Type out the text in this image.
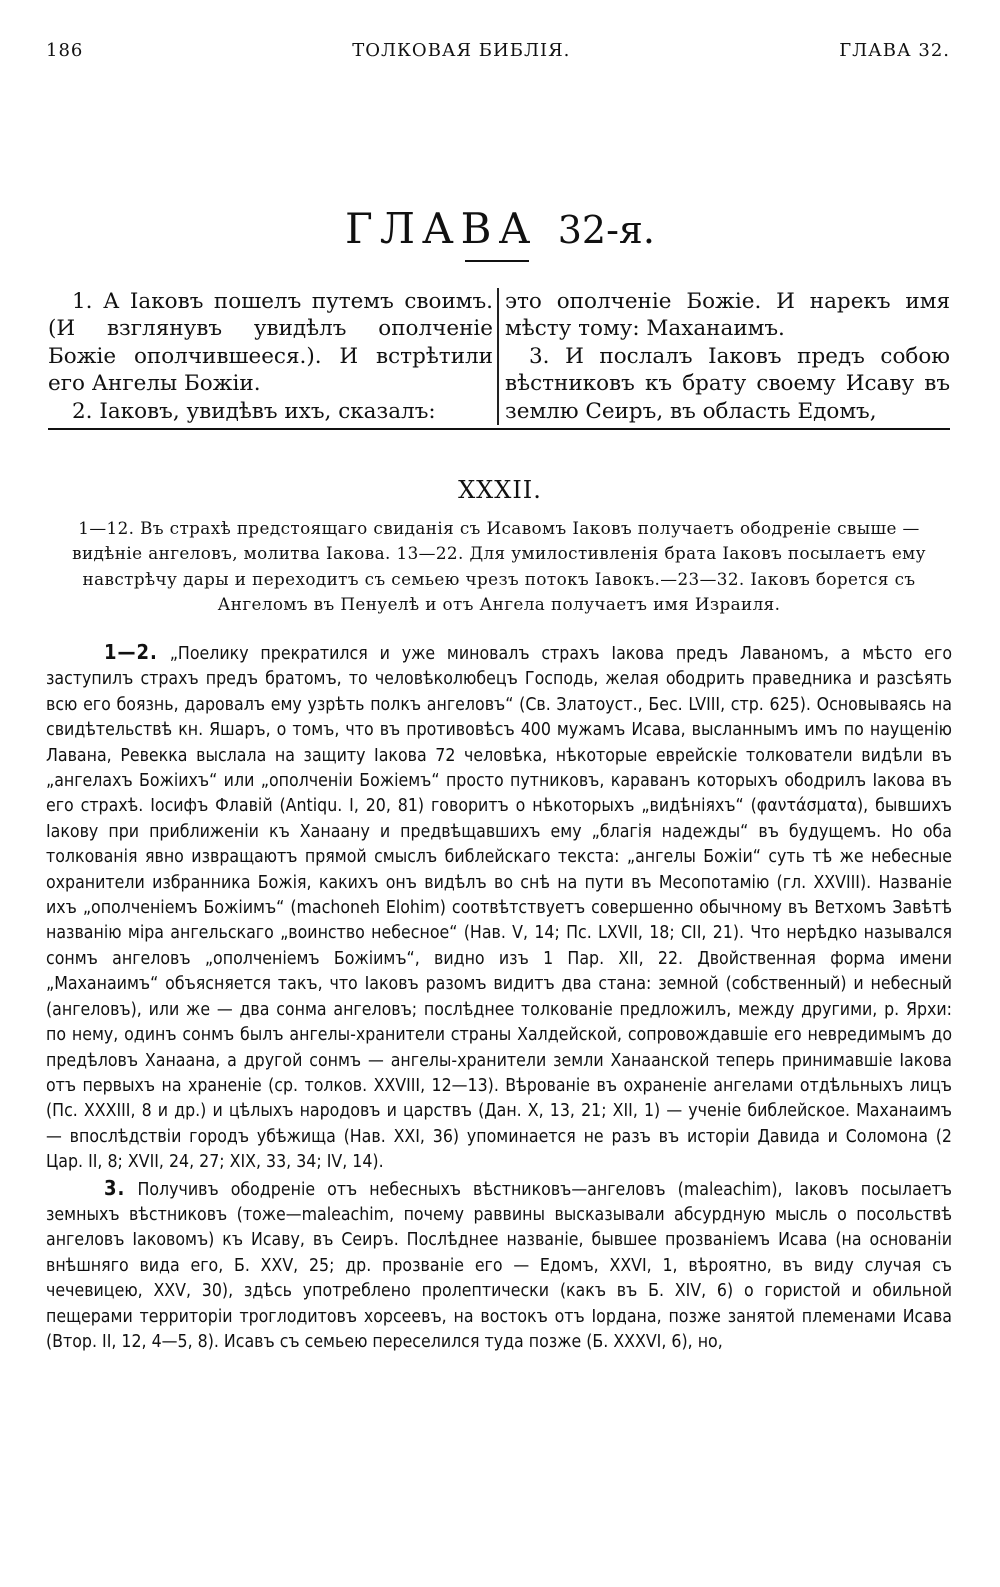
186	ТОЛКОВАЯ БИБЛІЯ.	ГЛАВА 32.
ГЛАВА 32-я.

1. А Іаковъ пошелъ путемъ своимъ. (И взглянувъ увидѣлъ ополченіе Божіе ополчившееся.). И встрѣтили его Ангелы Божіи.

2. Іаковъ, увидѣвъ ихъ, сказалъ:

это ополченіе Божіе. И нарекъ имя мѣсту тому: Маханаимъ.

3. И послалъ Іаковъ предъ собою вѣстниковъ къ брату своему Исаву въ землю Сеиръ, въ область Едомъ,

XXXII.
1—12. Въ страхѣ предстоящаго свиданія съ Исавомъ Іаковъ получаетъ ободреніе свыше — видѣніе ангеловъ, молитва Іакова. 13—22. Для умилостивленія брата Іаковъ посылаетъ ему навстрѣчу дары и переходитъ съ семьею чрезъ потокъ Іавокъ.—23—32. Іаковъ борется съ Ангеломъ въ Пенуелѣ и отъ Ангела получаетъ имя Израиля.

1—2. „Поелику прекратился и уже миновалъ страхъ Іакова предъ Лаваномъ, а мѣсто его заступилъ страхъ предъ братомъ, то человѣколюбецъ Господь, желая ободрить праведника и разсѣять всю его боязнь, даровалъ ему узрѣть полкъ ангеловъ“ (Св. Златоуст., Бес. LVIII, стр. 625). Основываясь на свидѣтельствѣ кн. Яшаръ, о томъ, что въ противовѣсъ 400 мужамъ Исава, высланнымъ имъ по наущенію Лавана, Ревекка выслала на защиту Іакова 72 человѣка, нѣкоторые еврейскіе толкователи видѣли въ „ангелахъ Божіихъ“ или „ополченіи Божіемъ“ просто путниковъ, караванъ которыхъ ободрилъ Іакова въ его страхѣ. Іосифъ Флавій (Antiqu. I, 20, 81) говоритъ о нѣкоторыхъ „видѣніяхъ“ (φαντάσματα), бывшихъ Іакову при приближеніи къ Ханаану и предвѣщавшихъ ему „благія надежды“ въ будущемъ. Но оба толкованія явно извращаютъ прямой смыслъ библейскаго текста: „ангелы Божіи“ суть тѣ же небесные охранители избранника Божія, какихъ онъ видѣлъ во снѣ на пути въ Месопотамію (гл. XXVIII). Названіе ихъ „ополченіемъ Божіимъ“ (machoneh Elohim) соотвѣтствуетъ совершенно обычному въ Ветхомъ Завѣтѣ названію міра ангельскаго „воинство небесное“ (Нав. V, 14; Пс. LXVII, 18; CII, 21). Что нерѣдко назывался сонмъ ангеловъ „ополченіемъ Божіимъ“, видно изъ 1 Пар. XII, 22. Двойственная форма имени „Маханаимъ“ объясняется такъ, что Іаковъ разомъ видитъ два стана: земной (собственный) и небесный (ангеловъ), или же — два сонма ангеловъ; послѣднее толкованіе предложилъ, между другими, р. Ярхи: по нему, одинъ сонмъ былъ ангелы-хранители страны Халдейской, сопровождавшіе его невредимымъ до предѣловъ Ханаана, а другой сонмъ — ангелы-хранители земли Ханаанской теперь принимавшіе Іакова отъ первыхъ на храненіе (ср. толков. XXVIII, 12—13). Вѣрованіе въ охраненіе ангелами отдѣльныхъ лицъ (Пс. XXXIII, 8 и др.) и цѣлыхъ народовъ и царствъ (Дан. X, 13, 21; XII, 1) — ученіе библейское. Маханаимъ — впослѣдствіи городъ убѣжища (Нав. XXI, 36) упоминается не разъ въ исторіи Давида и Соломона (2 Цар. II, 8; XVII, 24, 27; XIX, 33, 34; IV, 14).

3. Получивъ ободреніе отъ небесныхъ вѣстниковъ—ангеловъ (maleachim), Іаковъ посылаетъ земныхъ вѣстниковъ (тоже—maleachim, почему раввины высказывали абсурдную мысль о посольствѣ ангеловъ Іаковомъ) къ Исаву, въ Сеиръ. Послѣднее названіе, бывшее прозваніемъ Исава (на основаніи внѣшняго вида его, Б. XXV, 25; др. прозваніе его — Едомъ, XXVI, 1, вѣроятно, въ виду случая съ чечевицею, XXV, 30), здѣсь употреблено пролептически (какъ въ Б. XIV, 6) о гористой и обильной пещерами территоріи троглодитовъ хорсеевъ, на востокъ отъ Іордана, позже занятой племенами Исава (Втор. II, 12, 4—5, 8). Исавъ съ семьею переселился туда позже (Б. XXXVI, 6), но,
